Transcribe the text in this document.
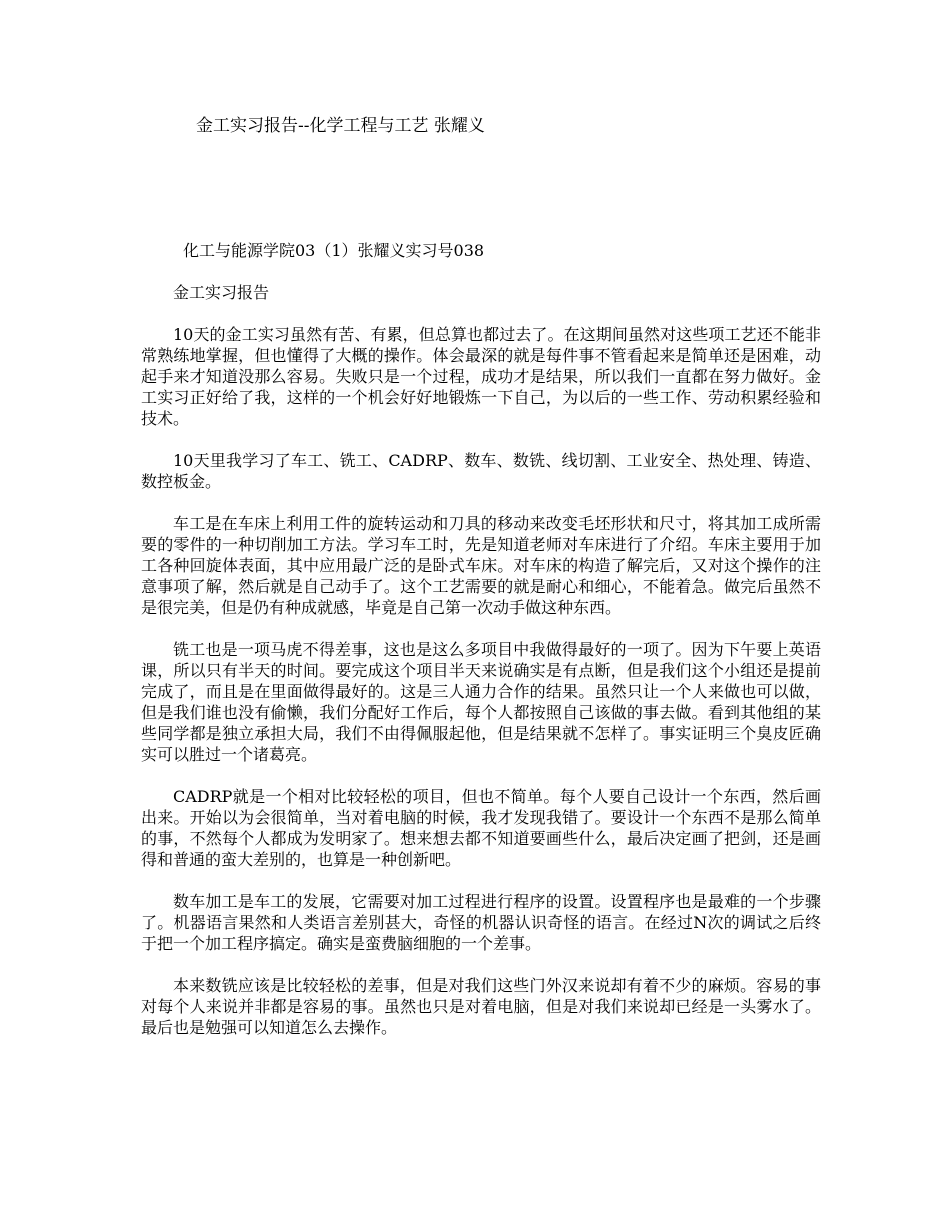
金工实习报告--化学工程与工艺 张耀义

化工与能源学院03（1）张耀义实习号038

金工实习报告

10天的金工实习虽然有苦、有累，但总算也都过去了。在这期间虽然对这些项工艺还不能非常熟练地掌握，但也懂得了大概的操作。体会最深的就是每件事不管看起来是简单还是困难，动起手来才知道没那么容易。失败只是一个过程，成功才是结果，所以我们一直都在努力做好。金工实习正好给了我，这样的一个机会好好地锻炼一下自己，为以后的一些工作、劳动积累经验和技术。

10天里我学习了车工、铣工、CADRP、数车、数铣、线切割、工业安全、热处理、铸造、数控板金。

车工是在车床上利用工件的旋转运动和刀具的移动来改变毛坯形状和尺寸，将其加工成所需要的零件的一种切削加工方法。学习车工时，先是知道老师对车床进行了介绍。车床主要用于加工各种回旋体表面，其中应用最广泛的是卧式车床。对车床的构造了解完后，又对这个操作的注意事项了解，然后就是自己动手了。这个工艺需要的就是耐心和细心，不能着急。做完后虽然不是很完美，但是仍有种成就感，毕竟是自己第一次动手做这种东西。

铣工也是一项马虎不得差事，这也是这么多项目中我做得最好的一项了。因为下午要上英语课，所以只有半天的时间。要完成这个项目半天来说确实是有点断，但是我们这个小组还是提前完成了，而且是在里面做得最好的。这是三人通力合作的结果。虽然只让一个人来做也可以做，但是我们谁也没有偷懒，我们分配好工作后，每个人都按照自己该做的事去做。看到其他组的某些同学都是独立承担大局，我们不由得佩服起他，但是结果就不怎样了。事实证明三个臭皮匠确实可以胜过一个诸葛亮。

CADRP就是一个相对比较轻松的项目，但也不简单。每个人要自己设计一个东西，然后画出来。开始以为会很简单，当对着电脑的时候，我才发现我错了。要设计一个东西不是那么简单的事，不然每个人都成为发明家了。想来想去都不知道要画些什么，最后决定画了把剑，还是画得和普通的蛮大差别的，也算是一种创新吧。

数车加工是车工的发展，它需要对加工过程进行程序的设置。设置程序也是最难的一个步骤了。机器语言果然和人类语言差别甚大，奇怪的机器认识奇怪的语言。在经过N次的调试之后终于把一个加工程序搞定。确实是蛮费脑细胞的一个差事。

本来数铣应该是比较轻松的差事，但是对我们这些门外汉来说却有着不少的麻烦。容易的事对每个人来说并非都是容易的事。虽然也只是对着电脑，但是对我们来说却已经是一头雾水了。最后也是勉强可以知道怎么去操作。
